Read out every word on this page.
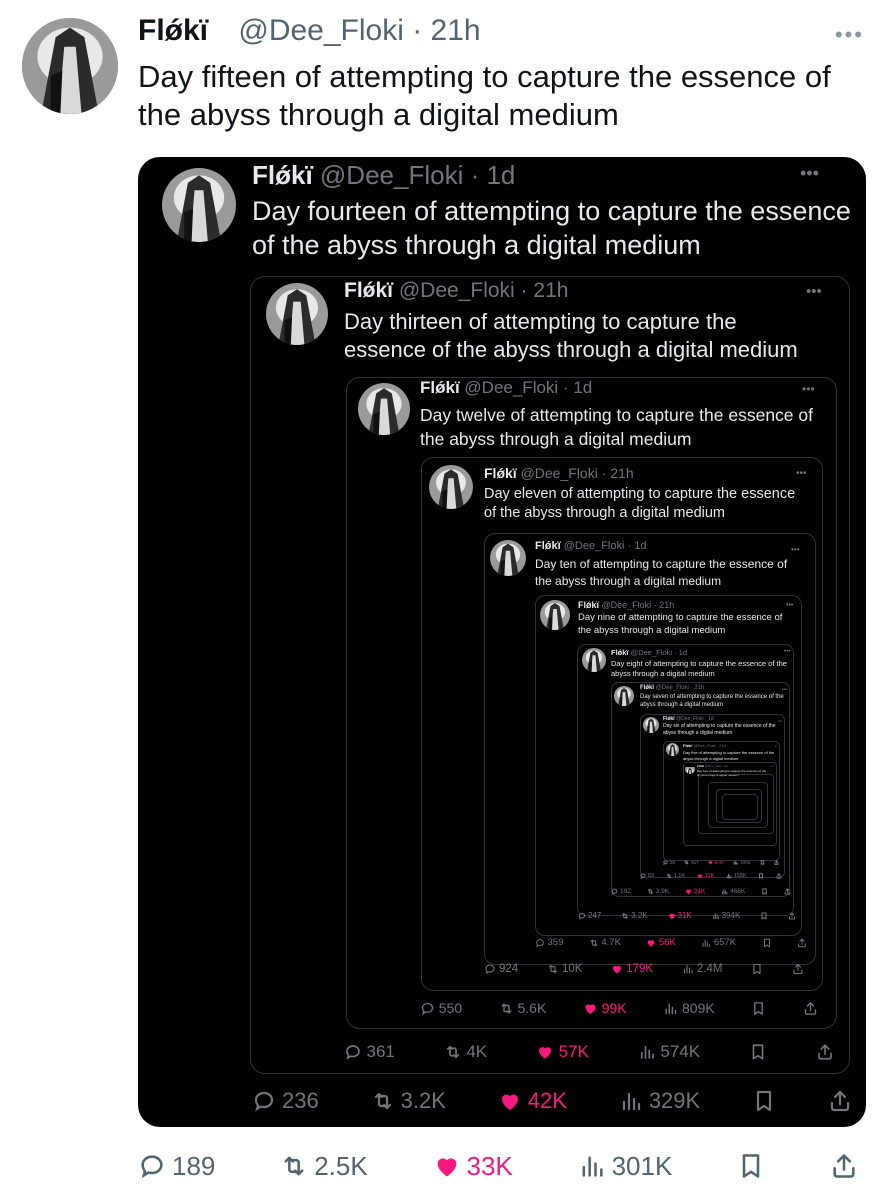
Flǿkï @Dee_Floki · 21h	•••
Day fifteen of attempting to capture the essence of the abyss through a digital medium
189	2.5K	33K	301K
Flǿkï @Dee_Floki · 1d
Day fourteen of attempting to capture the essence of the abyss through a digital medium
•••
236	3.2K	42K	329K
Flǿkï @Dee_Floki · 21h
Day thirteen of attempting to capture the essence of the abyss through a digital medium
•••
361	4K	57K	574K
Flǿkï @Dee_Floki · 1d
Day twelve of attempting to capture the essence of the abyss through a digital medium
•••
550	5.6K	99K	809K
Flǿkï @Dee_Floki · 21h
Day eleven of attempting to capture the essence of the abyss through a digital medium
•••
924	10K	179K	2.4M
Flǿkï @Dee_Floki · 1d
Day ten of attempting to capture the essence of the abyss through a digital medium
•••
359	4.7K	56K	657K
Flǿkï @Dee_Floki · 21h
Day nine of attempting to capture the essence of the abyss through a digital medium
•••
247	3.2K	31K	394K
Flǿkï @Dee_Floki · 1d
Day eight of attempting to capture the essence of the abyss through a digital medium
•••
192	3.9K	31K	466K
Flǿkï @Dee_Floki · 21h
Day seven of attempting to capture the essence of the abyss through a digital medium
•••
83	1.1K	11K	158K
Flǿkï @Dee_Floki · 1d
Day six of attempting to capture the essence of the abyss through a digital medium
•••
36	617	6.4K	100K
Flǿkï @Dee_Floki · 21h
Day five of attempting to capture the essence of the abyss through a digital medium
•••
Flǿkï @Dee_Floki · 1d
Day four of attempting to capture the essence of the abyss through a digital medium
•••
